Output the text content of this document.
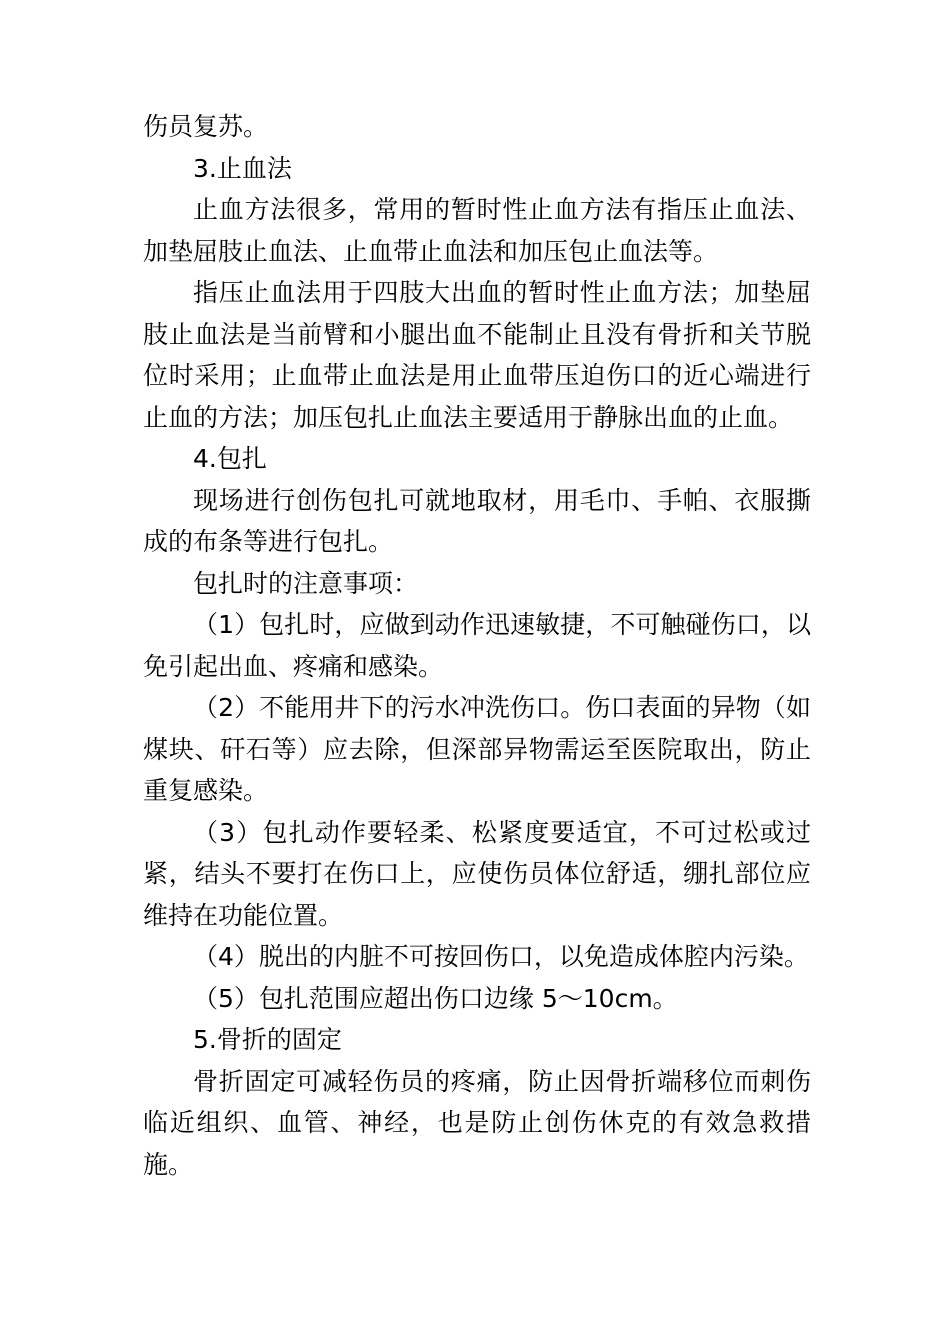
伤员复苏。

3.止血法

止血方法很多，常用的暂时性止血方法有指压止血法、加垫屈肢止血法、止血带止血法和加压包止血法等。

指压止血法用于四肢大出血的暂时性止血方法；加垫屈肢止血法是当前臂和小腿出血不能制止且没有骨折和关节脱位时采用；止血带止血法是用止血带压迫伤口的近心端进行止血的方法；加压包扎止血法主要适用于静脉出血的止血。

4.包扎

现场进行创伤包扎可就地取材，用毛巾、手帕、衣服撕成的布条等进行包扎。

包扎时的注意事项：

（1）包扎时，应做到动作迅速敏捷，不可触碰伤口，以免引起出血、疼痛和感染。

（2）不能用井下的污水冲洗伤口。伤口表面的异物（如煤块、矸石等）应去除，但深部异物需运至医院取出，防止重复感染。

（3）包扎动作要轻柔、松紧度要适宜，不可过松或过紧，结头不要打在伤口上，应使伤员体位舒适，绷扎部位应维持在功能位置。

（4）脱出的内脏不可按回伤口，以免造成体腔内污染。

（5）包扎范围应超出伤口边缘 5～10cm。

5.骨折的固定

骨折固定可减轻伤员的疼痛，防止因骨折端移位而刺伤临近组织、血管、神经，也是防止创伤休克的有效急救措施。
